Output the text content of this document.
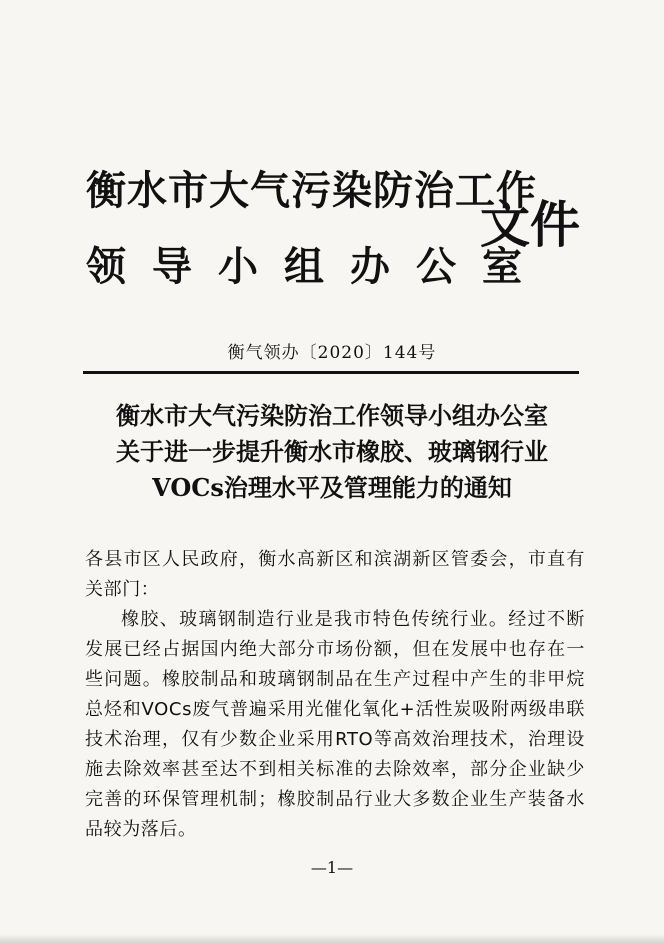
衡水市大气污染防治工作
领导小组办公室
文件
衡气领办〔2020〕144号
衡水市大气污染防治工作领导小组办公室
关于进一步提升衡水市橡胶、玻璃钢行业
VOCs治理水平及管理能力的通知

各县市区人民政府，衡水高新区和滨湖新区管委会，市直有关部门：

橡胶、玻璃钢制造行业是我市特色传统行业。经过不断发展已经占据国内绝大部分市场份额，但在发展中也存在一些问题。橡胶制品和玻璃钢制品在生产过程中产生的非甲烷总烃和VOCs废气普遍采用光催化氧化+活性炭吸附两级串联技术治理，仅有少数企业采用RTO等高效治理技术，治理设施去除效率甚至达不到相关标准的去除效率，部分企业缺少完善的环保管理机制；橡胶制品行业大多数企业生产装备水品较为落后。

—1—
